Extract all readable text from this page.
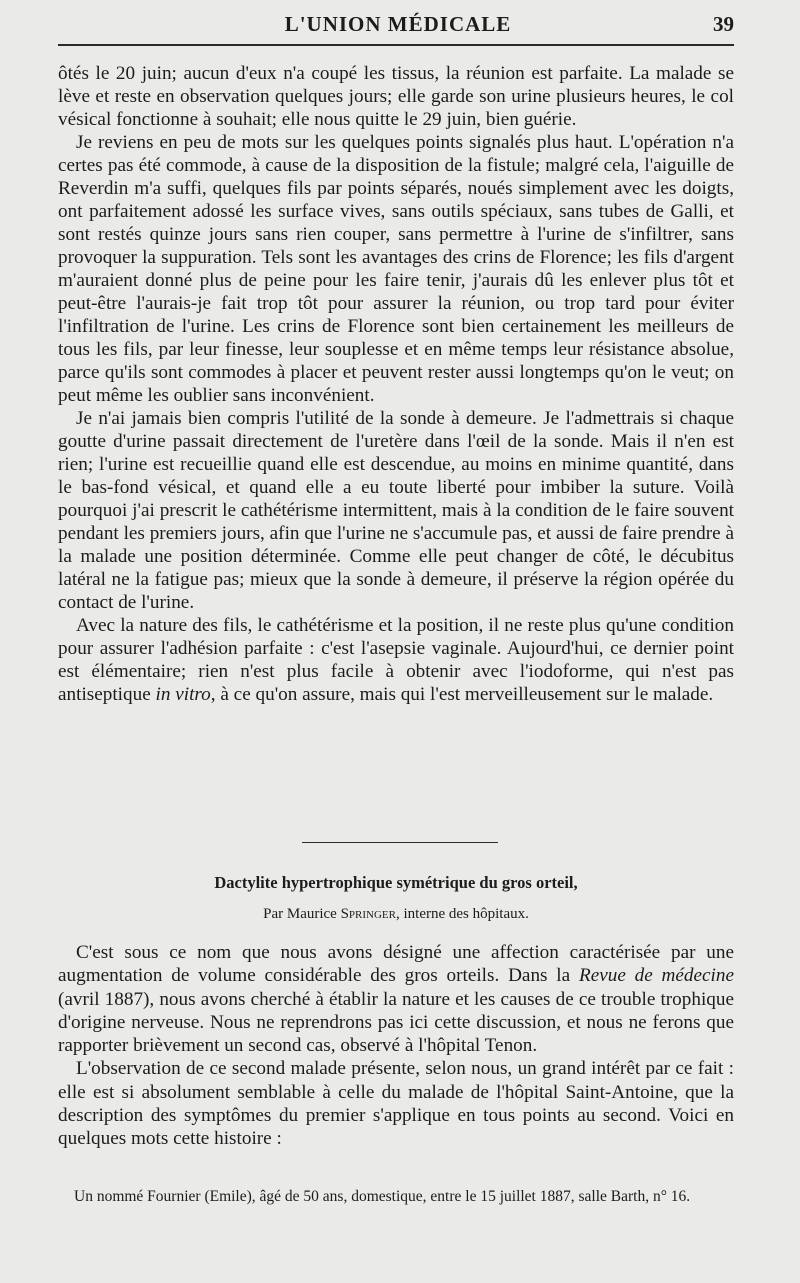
L'UNION MÉDICALE	39

ôtés le 20 juin; aucun d'eux n'a coupé les tissus, la réunion est parfaite. La malade se lève et reste en observation quelques jours; elle garde son urine plusieurs heures, le col vésical fonctionne à souhait; elle nous quitte le 29 juin, bien guérie.

Je reviens en peu de mots sur les quelques points signalés plus haut. L'opération n'a certes pas été commode, à cause de la disposition de la fistule; malgré cela, l'aiguille de Reverdin m'a suffi, quelques fils par points séparés, noués simplement avec les doigts, ont parfaitement adossé les surface vives, sans outils spéciaux, sans tubes de Galli, et sont restés quinze jours sans rien couper, sans permettre à l'urine de s'infiltrer, sans provoquer la suppuration. Tels sont les avantages des crins de Florence; les fils d'argent m'auraient donné plus de peine pour les faire tenir, j'aurais dû les enlever plus tôt et peut-être l'aurais-je fait trop tôt pour assurer la réunion, ou trop tard pour éviter l'infiltration de l'urine. Les crins de Florence sont bien certainement les meilleurs de tous les fils, par leur finesse, leur souplesse et en même temps leur résistance absolue, parce qu'ils sont commodes à placer et peuvent rester aussi longtemps qu'on le veut; on peut même les oublier sans inconvénient.

Je n'ai jamais bien compris l'utilité de la sonde à demeure. Je l'admettrais si chaque goutte d'urine passait directement de l'uretère dans l'œil de la sonde. Mais il n'en est rien; l'urine est recueillie quand elle est descendue, au moins en minime quantité, dans le bas-fond vésical, et quand elle a eu toute liberté pour imbiber la suture. Voilà pourquoi j'ai prescrit le cathétérisme intermittent, mais à la condition de le faire souvent pendant les premiers jours, afin que l'urine ne s'accumule pas, et aussi de faire prendre à la malade une position déterminée. Comme elle peut changer de côté, le décubitus latéral ne la fatigue pas; mieux que la sonde à demeure, il préserve la région opérée du contact de l'urine.

Avec la nature des fils, le cathétérisme et la position, il ne reste plus qu'une condition pour assurer l'adhésion parfaite : c'est l'asepsie vaginale. Aujourd'hui, ce dernier point est élémentaire; rien n'est plus facile à obtenir avec l'iodoforme, qui n'est pas antiseptique in vitro, à ce qu'on assure, mais qui l'est merveilleusement sur le malade.

Dactylite hypertrophique symétrique du gros orteil,
Par Maurice Springer, interne des hôpitaux.

C'est sous ce nom que nous avons désigné une affection caractérisée par une augmentation de volume considérable des gros orteils. Dans la Revue de médecine (avril 1887), nous avons cherché à établir la nature et les causes de ce trouble trophique d'origine nerveuse. Nous ne reprendrons pas ici cette discussion, et nous ne ferons que rapporter brièvement un second cas, observé à l'hôpital Tenon.

L'observation de ce second malade présente, selon nous, un grand intérêt par ce fait : elle est si absolument semblable à celle du malade de l'hôpital Saint-Antoine, que la description des symptômes du premier s'applique en tous points au second. Voici en quelques mots cette histoire :

Un nommé Fournier (Emile), âgé de 50 ans, domestique, entre le 15 juillet 1887, salle Barth, n° 16.
